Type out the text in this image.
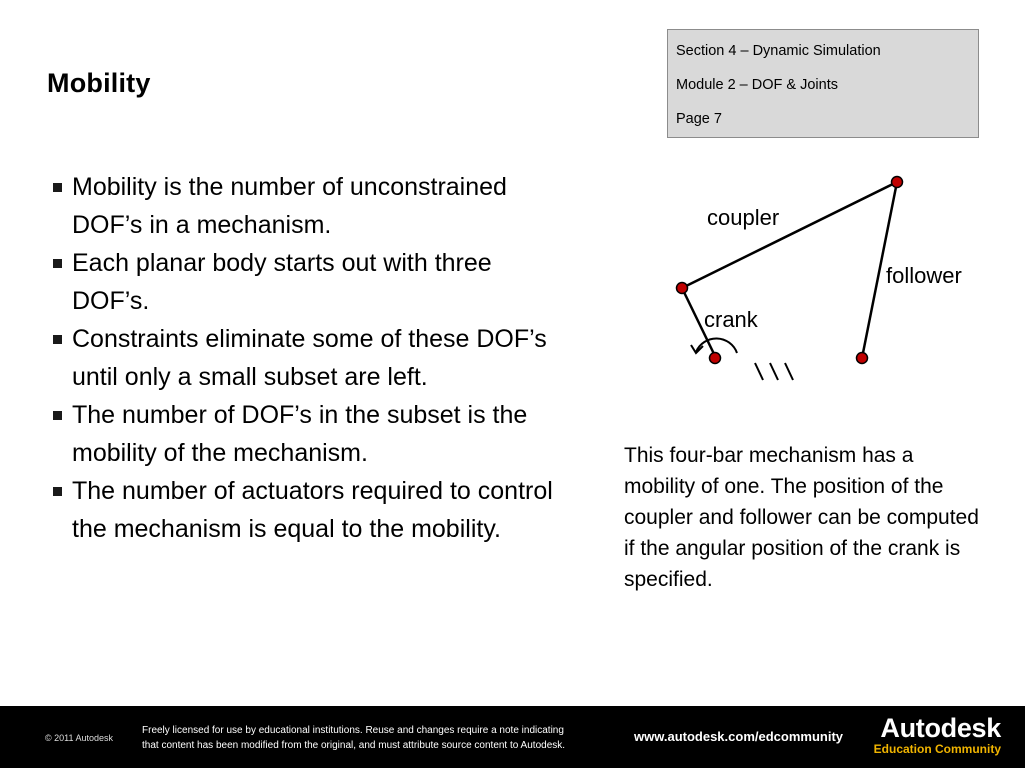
Mobility
Section 4 – Dynamic Simulation
Module 2 – DOF & Joints
Page 7
Mobility is the number of unconstrained DOF’s in a mechanism.
Each planar body starts out with three DOF’s.
Constraints eliminate some of these DOF’s until only a small subset are left.
The number of DOF’s in the subset is the mobility of the mechanism.
The number of actuators required to control the mechanism is equal to the mobility.
coupler
follower
crank
This four-bar mechanism has a mobility of one. The position of the coupler and follower can be computed if the angular position of the crank is specified.
© 2011 Autodesk
Freely licensed for use by educational institutions. Reuse and changes require a note indicating
that content has been modified from the original, and must attribute source content to Autodesk.
www.autodesk.com/edcommunity Autodesk
Education Community
